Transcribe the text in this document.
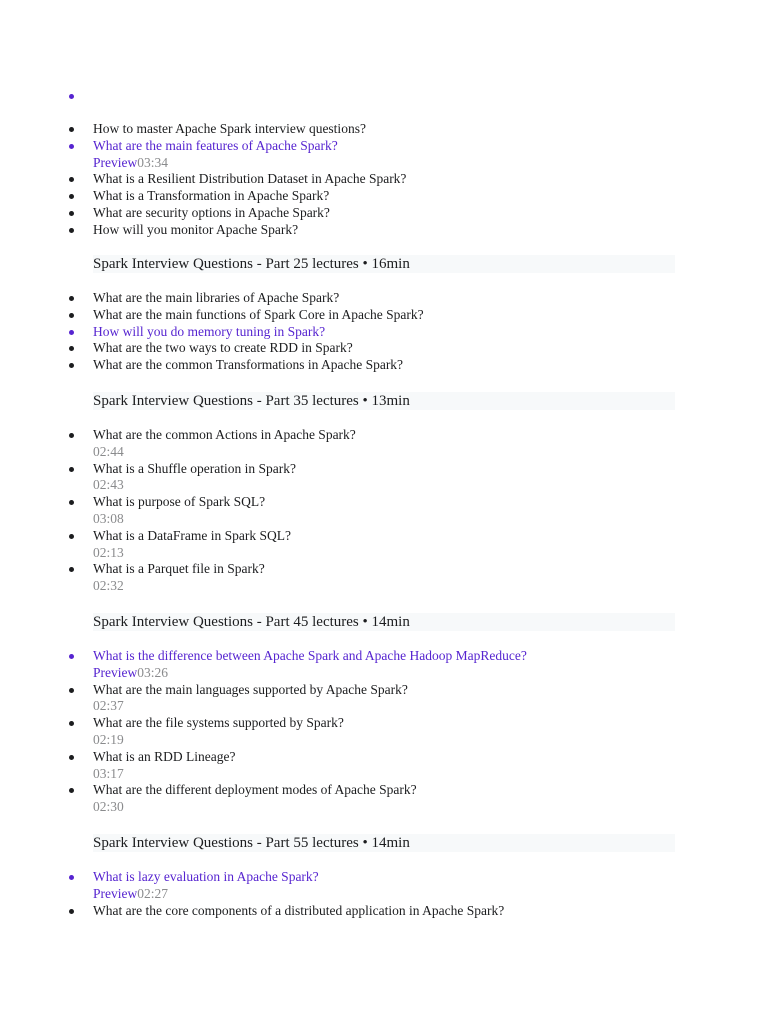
How to master Apache Spark interview questions?
What are the main features of Apache Spark?
Preview03:34
What is a Resilient Distribution Dataset in Apache Spark?
What is a Transformation in Apache Spark?
What are security options in Apache Spark?
How will you monitor Apache Spark?
Spark Interview Questions - Part 25 lectures • 16min
What are the main libraries of Apache Spark?
What are the main functions of Spark Core in Apache Spark?
How will you do memory tuning in Spark?
What are the two ways to create RDD in Spark?
What are the common Transformations in Apache Spark?
Spark Interview Questions - Part 35 lectures • 13min
What are the common Actions in Apache Spark?
02:44
What is a Shuffle operation in Spark?
02:43
What is purpose of Spark SQL?
03:08
What is a DataFrame in Spark SQL?
02:13
What is a Parquet file in Spark?
02:32
Spark Interview Questions - Part 45 lectures • 14min
What is the difference between Apache Spark and Apache Hadoop MapReduce?
Preview03:26
What are the main languages supported by Apache Spark?
02:37
What are the file systems supported by Spark?
02:19
What is an RDD Lineage?
03:17
What are the different deployment modes of Apache Spark?
02:30
Spark Interview Questions - Part 55 lectures • 14min
What is lazy evaluation in Apache Spark?
Preview02:27
What are the core components of a distributed application in Apache Spark?
